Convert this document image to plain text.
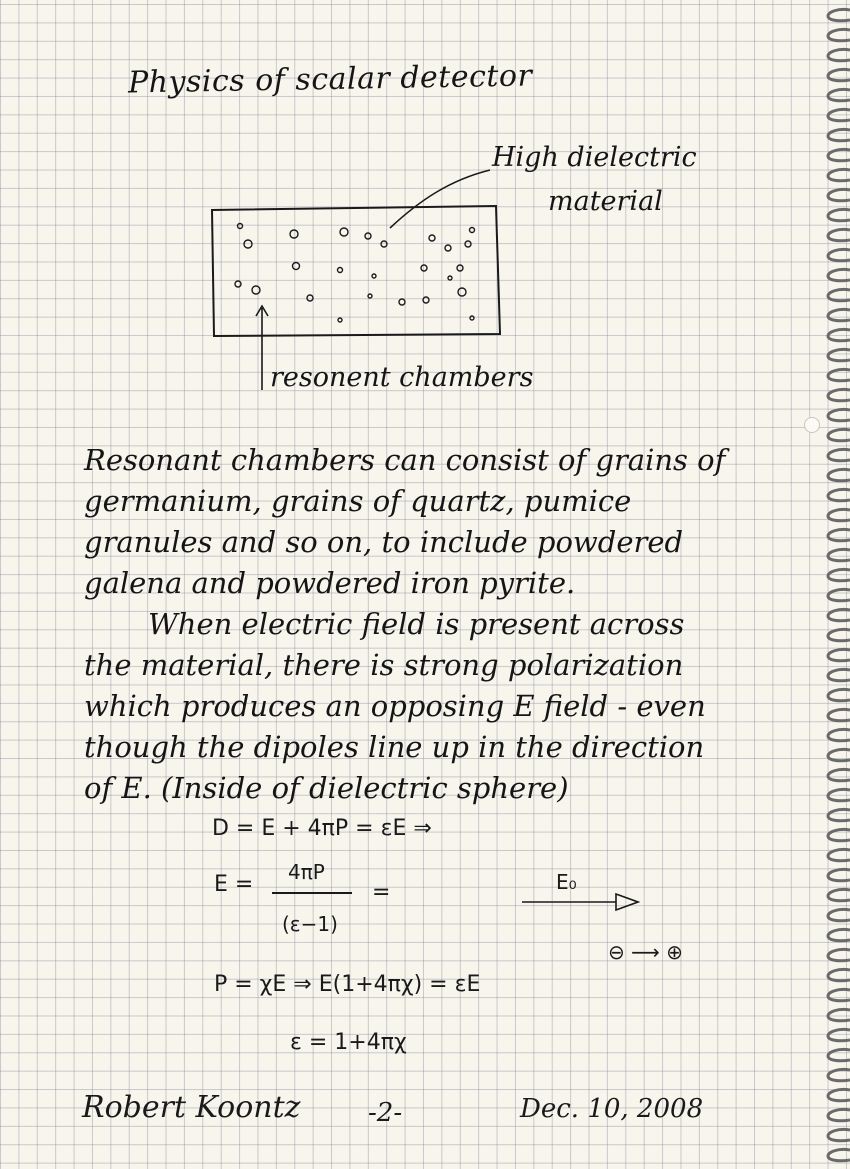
Physics of scalar detector
High dielectric
material
resonent chambers
Resonant chambers can consist of grains of
germanium, grains of quartz, pumice
granules and so on, to include powdered
galena and powdered iron pyrite.
When electric field is present across
the material, there is strong polarization
which produces an opposing E field - even
though the dipoles line up in the direction
of E. (Inside of dielectric sphere)
D = E + 4πP = εE ⇒
E = 4πP
(ε−1)
=	E₀
⊖ ⟶ ⊕
P = χE ⇒ E(1+4πχ) = εE
ε = 1+4πχ
Robert Koontz	-2-	Dec. 10, 2008
